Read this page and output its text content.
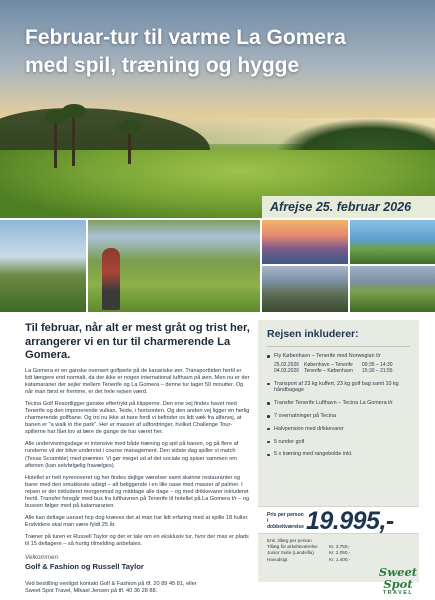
Februar-tur til varme La Gomera
med spil, træning og hygge
Afrejse 25. februar 2026

Til februar, når alt er mest gråt og trist her, arrangerer vi en tur til charmerende La Gomera.

La Gomera er en ganske oversert golfperle på de kanariske øer. Transporttiden hertil er lidt længere end normalt, da der ikke er nogen international lufthavn på øen. Men nu er der katamaraner der sejler mellem Tenerife og La Gomera – denne tur tager 50 minutter. Og når man først er fremme, er det hele rejsen værd.

Tecina Golf Resortligger ganske eftertrykt på klipperne. Den ene vej findes havet med Tenerife og den imponerende vulkan, Teide, i horisonten. Og den anden vej ligger en herlig charmerende golfbane. Og tro nu ikke at bare fordi vi befinder os lidt væk fra alfarvej, at banen er "a walk in the park". Her er masser af udfordringer, hvilket Challenge Tour-spillerne har fået lov at lære de gange de har været her.

Alle undervisningsdage er intensive med både træning og spil på banen, og på flere af runderne vil der blive undervist i course management. Den sidste dag spiller vi match (Texas Scramble) med præmier. Vi gør meget ud af det sociale og spiser sammen om aftenen (kan selvfølgelig fravælges).

Hotellet er helt nyrenoveret og her findes dejlige værelser samt skønne restauranter og barer med den smukkeste udsigt – alt beliggende i en lille oase med masser af palmer. I rejsen er der inkluderet morgenmad og middage alle dage – og med drikkevarer inkluderet hertil. Transfer foregår med bus fra lufthavnen på Tenerife til hotellet på La Gomera t/r – og bussen følger med på katamaranen.

Alle kan deltage uanset hcp dog kræves det at man har lidt erfaring med at spille 18 huller. Endvidere skal man være fyldt 25 år.

Træner på turen er Russell Taylor og der er tale om en eksklusiv tur, hvor der max er plads til 15 deltagere – så hurtig tilmelding anbefales.

Velkommen

Golf & Fashion og Russell Taylor

Ved bestilling venligst kontakt Golf & Fashion på tlf. 20 89 45 81, eller
Sweet Spot Travel, Mikael Jensen på tlf. 40 36 28 88.

Rejsen inkluderer:
Fly København – Tenerife med Norwegian t/r
25.02.2026 København – Tenerife	09:35 – 14:30
04.03.2026 Tenerife – København	15:30 – 21:55
Transport af 23 kg kuffert, 23 kg golf bag samt 10 kg håndbagage
Transfer Tenerife Lufthavn – Tecina La Gomera t/r
7 overnatninger på Tecina
Halvpension med drikkevarer
5 runder golf
5 x træning med rangebolde inkl.
Pris per person i dobbeltværelse 19.995,-
Enk. tillæg per person
Tillæg for ørkelteværelse	Kr. 2.750,-
Junior Suite (Landvilla)	Kr. 2.050,-
Havudsigt	Kr. 1.400,-
Sweet Spot
TRAVEL
